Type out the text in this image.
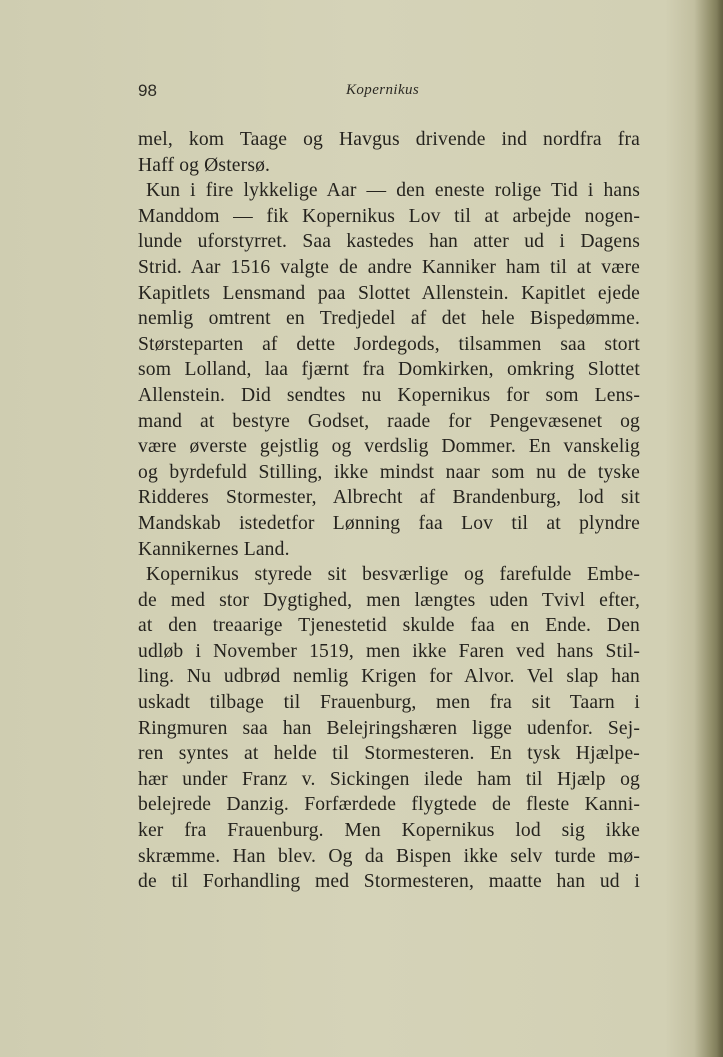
98	Kopernikus
mel, kom Taage og Havgus drivende ind nordfra fra
Haff og Østersø.
Kun i fire lykkelige Aar — den eneste rolige Tid i hans
Manddom — fik Kopernikus Lov til at arbejde nogen-
lunde uforstyrret. Saa kastedes han atter ud i Dagens
Strid. Aar 1516 valgte de andre Kanniker ham til at være
Kapitlets Lensmand paa Slottet Allenstein. Kapitlet ejede
nemlig omtrent en Tredjedel af det hele Bispedømme.
Størsteparten af dette Jordegods, tilsammen saa stort
som Lolland, laa fjærnt fra Domkirken, omkring Slottet
Allenstein. Did sendtes nu Kopernikus for som Lens-
mand at bestyre Godset, raade for Pengevæsenet og
være øverste gejstlig og verdslig Dommer. En vanskelig
og byrdefuld Stilling, ikke mindst naar som nu de tyske
Ridderes Stormester, Albrecht af Brandenburg, lod sit
Mandskab istedetfor Lønning faa Lov til at plyndre
Kannikernes Land.
Kopernikus styrede sit besværlige og farefulde Embe-
de med stor Dygtighed, men længtes uden Tvivl efter,
at den treaarige Tjenestetid skulde faa en Ende. Den
udløb i November 1519, men ikke Faren ved hans Stil-
ling. Nu udbrød nemlig Krigen for Alvor. Vel slap han
uskadt tilbage til Frauenburg, men fra sit Taarn i
Ringmuren saa han Belejringshæren ligge udenfor. Sej-
ren syntes at helde til Stormesteren. En tysk Hjælpe-
hær under Franz v. Sickingen ilede ham til Hjælp og
belejrede Danzig. Forfærdede flygtede de fleste Kanni-
ker fra Frauenburg. Men Kopernikus lod sig ikke
skræmme. Han blev. Og da Bispen ikke selv turde mø-
de til Forhandling med Stormesteren, maatte han ud i
